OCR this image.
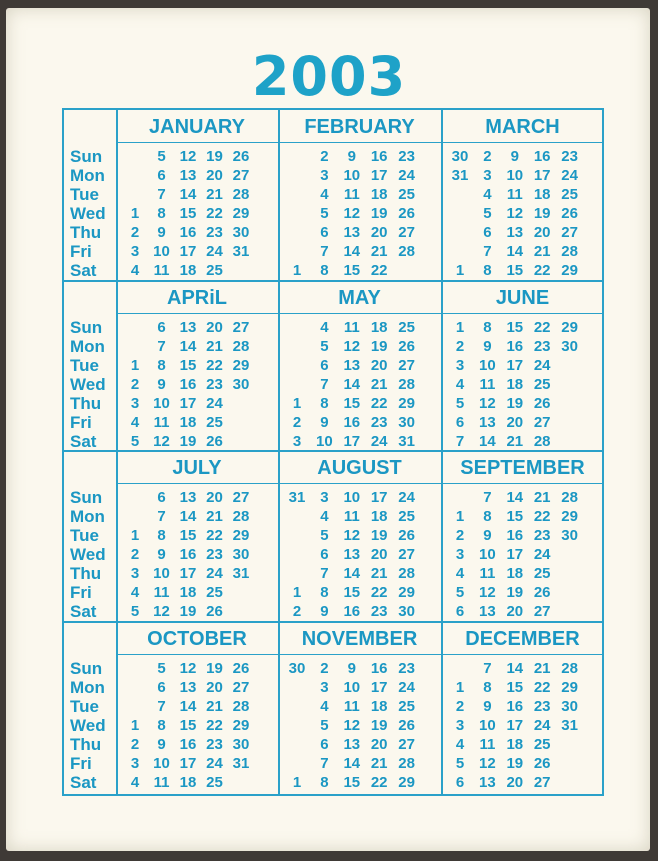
2003
Sun
Mon
Tue
Wed
Thu
Fri
Sat
JANUARY
1
2
3
4
5
6
7
8
9
10
11
12
13
14
15
16
17
18
19
20
21
22
23
24
25
26
27
28
29
30
31
FEBRUARY
1
2
3
4
5
6
7
8
9
10
11
12
13
14
15
16
17
18
19
20
21
22
23
24
25
26
27
28
MARCH
1
2
3
4
5
6
7
8
9
10
11
12
13
14
15
16
17
18
19
20
21
22
23
24
25
26
27
28
29
30
31
Sun
Mon
Tue
Wed
Thu
Fri
Sat
APRiL
1
2
3
4
5
6
7
8
9
10
11
12
13
14
15
16
17
18
19
20
21
22
23
24
25
26
27
28
29
30
MAY
1
2
3
4
5
6
7
8
9
10
11
12
13
14
15
16
17
18
19
20
21
22
23
24
25
26
27
28
29
30
31
JUNE
1
2
3
4
5
6
7
8
9
10
11
12
13
14
15
16
17
18
19
20
21
22
23
24
25
26
27
28
29
30
Sun
Mon
Tue
Wed
Thu
Fri
Sat
JULY
1
2
3
4
5
6
7
8
9
10
11
12
13
14
15
16
17
18
19
20
21
22
23
24
25
26
27
28
29
30
31
AUGUST
1
2
3
4
5
6
7
8
9
10
11
12
13
14
15
16
17
18
19
20
21
22
23
24
25
26
27
28
29
30
31
SEPTEMBER
1
2
3
4
5
6
7
8
9
10
11
12
13
14
15
16
17
18
19
20
21
22
23
24
25
26
27
28
29
30
Sun
Mon
Tue
Wed
Thu
Fri
Sat
OCTOBER
1
2
3
4
5
6
7
8
9
10
11
12
13
14
15
16
17
18
19
20
21
22
23
24
25
26
27
28
29
30
31
NOVEMBER
1
2
3
4
5
6
7
8
9
10
11
12
13
14
15
16
17
18
19
20
21
22
23
24
25
26
27
28
29
30
DECEMBER
1
2
3
4
5
6
7
8
9
10
11
12
13
14
15
16
17
18
19
20
21
22
23
24
25
26
27
28
29
30
31
